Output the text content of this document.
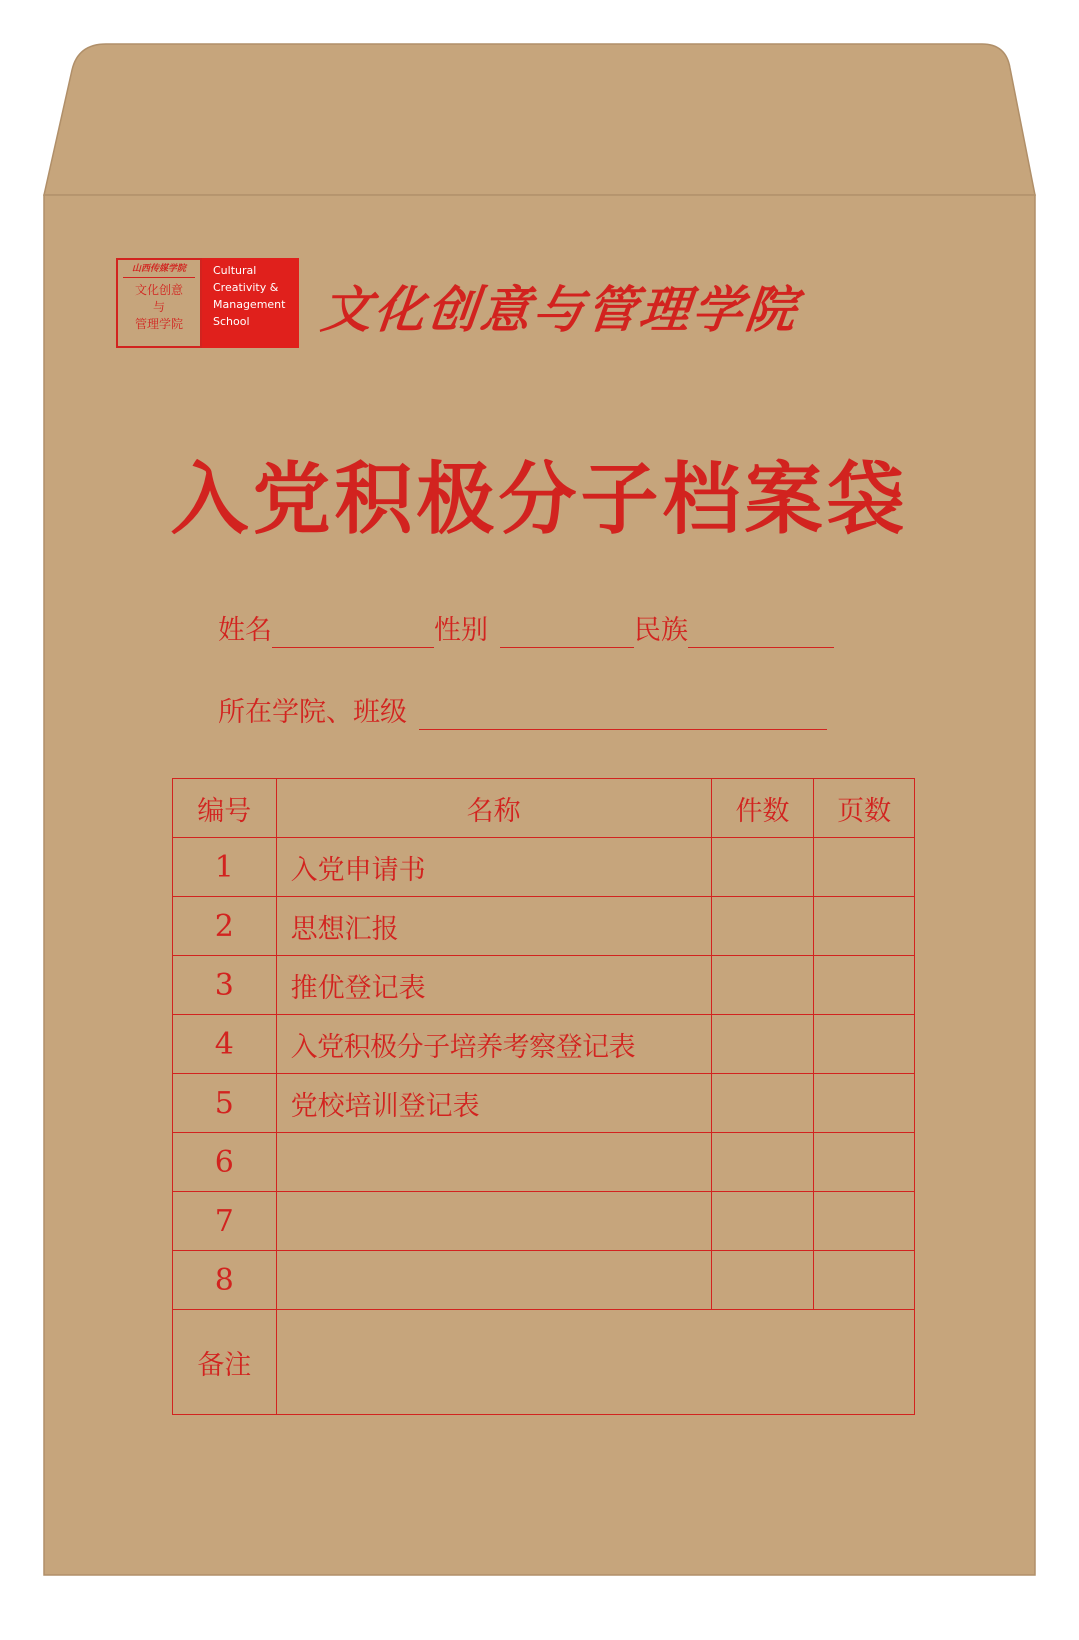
山西传媒学院
文化创意
与
管理学院
Cultural
Creativity &
Management
School	文化创意与管理学院
入党积极分子档案袋
姓名	性别	民族
所在学院、班级
编号	名称	件数	页数
1	入党申请书		
2	思想汇报		
3	推优登记表		
4	入党积极分子培养考察登记表		
5	党校培训登记表		
6			
7			
8			
备注			
